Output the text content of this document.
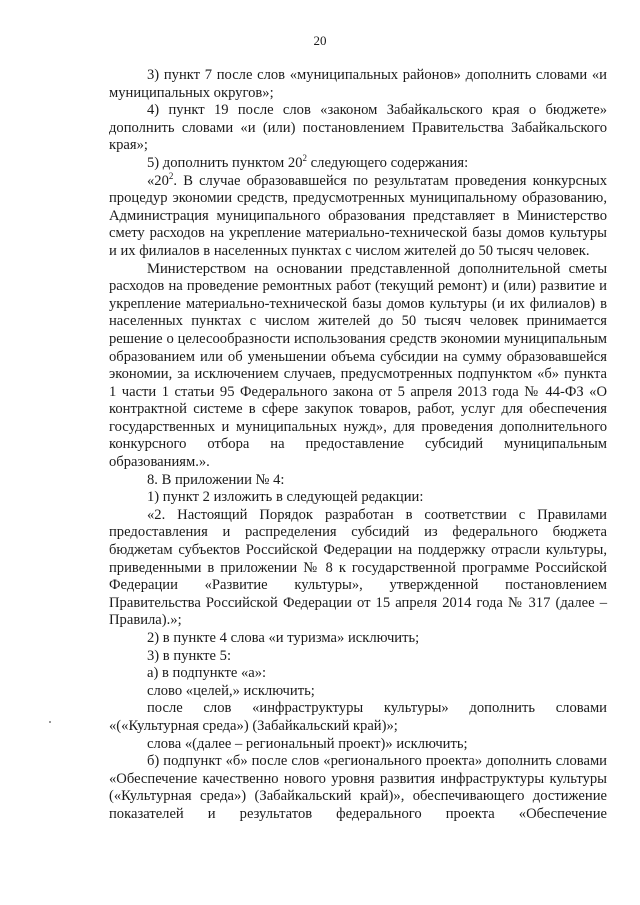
20

3) пункт 7 после слов «муниципальных районов» дополнить словами «и муниципальных округов»;

4) пункт 19 после слов «законом Забайкальского края о бюджете» дополнить словами «и (или) постановлением Правительства Забайкальского края»;

5) дополнить пунктом $20^2$ следующего содержания:

«$20^2$. В случае образовавшейся по результатам проведения конкурсных процедур экономии средств, предусмотренных муниципальному образованию, Администрация муниципального образования представляет в Министерство смету расходов на укрепление материально-технической базы домов культуры и их филиалов в населенных пунктах с числом жителей до 50 тысяч человек.

Министерством на основании представленной дополнительной сметы расходов на проведение ремонтных работ (текущий ремонт) и (или) развитие и укрепление материально-технической базы домов культуры (и их филиалов) в населенных пунктах с числом жителей до 50 тысяч человек принимается решение о целесообразности использования средств экономии муниципальным образованием или об уменьшении объема субсидии на сумму образовавшейся экономии, за исключением случаев, предусмотренных подпунктом «б» пункта 1 части 1 статьи 95 Федерального закона от 5 апреля 2013 года № 44-ФЗ «О контрактной системе в сфере закупок товаров, работ, услуг для обеспечения государственных и муниципальных нужд», для проведения дополнительного конкурсного отбора на предоставление субсидий муниципальным образованиям.».

8. В приложении № 4:

1) пункт 2 изложить в следующей редакции:

«2. Настоящий Порядок разработан в соответствии с Правилами предоставления и распределения субсидий из федерального бюджета бюджетам субъектов Российской Федерации на поддержку отрасли культуры, приведенными в приложении № 8 к государственной программе Российской Федерации «Развитие культуры», утвержденной постановлением Правительства Российской Федерации от 15 апреля 2014 года № 317 (далее – Правила).»;

2) в пункте 4 слова «и туризма» исключить;

3) в пункте 5:

а) в подпункте «а»:

слово «целей,» исключить;

после слов «инфраструктуры культуры» дополнить словами «(«Культурная среда») (Забайкальский край)»;

слова «(далее – региональный проект)» исключить;

б) подпункт «б» после слов «регионального проекта» дополнить словами «Обеспечение качественно нового уровня развития инфраструктуры культуры («Культурная среда») (Забайкальский край)», обеспечивающего достижение показателей и результатов федерального проекта «Обеспечение
